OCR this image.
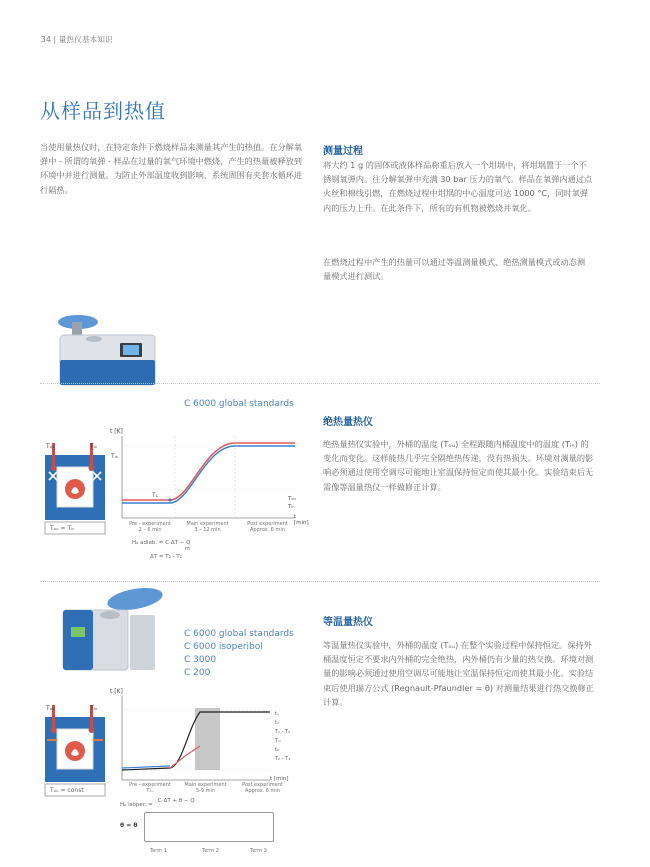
34 | 量热仪基本知识
从样品到热值
当使用量热仪时，在特定条件下燃烧样品来测量其产生的热值。在分解氧弹中 - 所谓的氧弹 - 样品在过量的氧气环境中燃烧，产生的热量被释放到环境中并进行测量。为防止外部温度收到影响，系统周围有夹套水循环进行隔热。
测量过程
将大约 1 g 的固体或液体样品称重后放入一个坩埚中，将坩埚置于一个不锈钢氧弹内。往分解氧弹中充满 30 bar 压力的氧气。样品在氧弹内通过点火丝和棉线引燃，在燃烧过程中坩埚的中心温度可达 1000 °C，同时氧弹内的压力上升。在此条件下，所有的有机物被燃烧并氧化。
在燃烧过程中产生的热量可以通过等温测量模式、绝热测量模式或动态测量模式进行测试。
C 6000 global standards
绝热量热仪
绝热量热仪实验中，外桶的温度 (Tₒᵤ) 全程跟随内桶温度中的温度 (Tᵢₙ) 的变化而变化。这样能热几乎完全隔绝热传递，没有热损失。环境对测量的影响必须通过使用空调尽可能地让室温保持恒定而使其最小化。实验结束后无需像等温量热仪一样做修正计算。
Tₒᵤ	Tᵢₙ
Tₒᵤ = Tᵢₙ
t [K]
t [min]
Tᵢₙ
T₁	Tₒᵤ
Tᵢₙ
Pre - experiment
2 – 6 min
Main experiment
3 – 12 min
Post experiment
Approx. 6 min
Hₒ adiab. = C·ΔT − Q
m
ΔT = T₂ - T₁
C 6000 global standards
C 6000 isoperibol
C 3000
C 200
等温量热仪
等温量热仪实验中，外桶的温度 (Tₒᵤ) 在整个实验过程中保持恒定。保持外桶温度恒定不要求内外桶的完全绝热，内外桶仍有少量的热交换。环境对测量的影响必须通过使用空调尽可能地让室温保持恒定而使其最小化。实验结束后使用瑞方公式 (Regnault-Pfaundler = θ) 对测量结果进行热交换修正计算。
Tₒᵤ	Tᵢₙ
Tₒᵤ = const
t [K]
t [min]
tₒ
t₁
T₁ - T₂
Tₘ
t₂
T₂ - T₃
Pre - experiment
Tₒᵤ
Main experiment
5-9 min
Post experiment
Approx. 6 min
Hₒ isoper. =
C·ΔT + θ − Q
θ = θ
Term 1	Term 2	Term 3
